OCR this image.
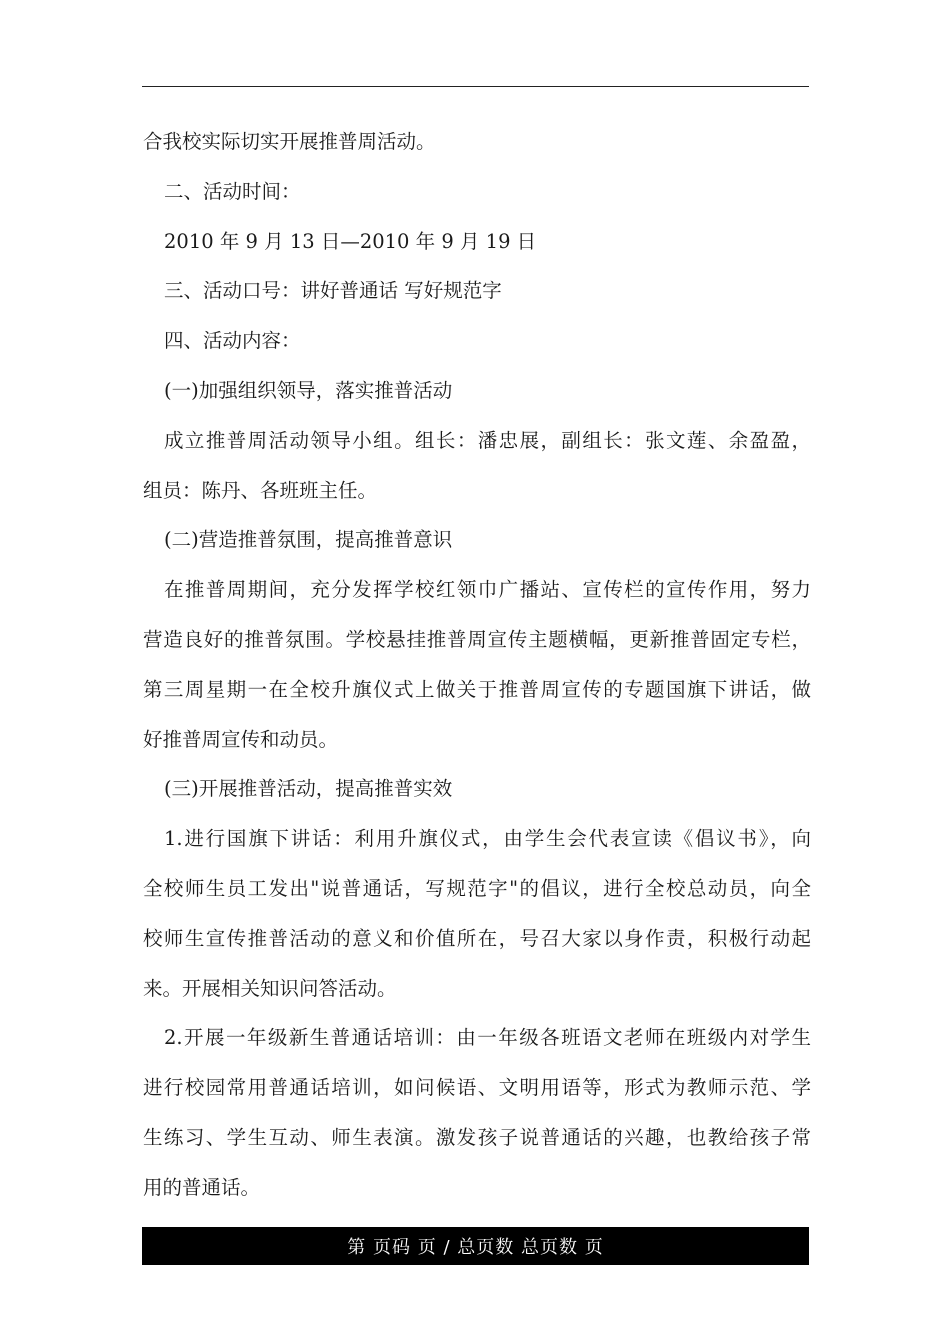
合我校实际切实开展推普周活动。
二、活动时间：
2010 年 9 月 13 日—2010 年 9 月 19 日
三、活动口号：讲好普通话 写好规范字
四、活动内容：
(一)加强组织领导，落实推普活动
成立推普周活动领导小组。组长：潘忠展，副组长：张文莲、余盈盈，
组员：陈丹、各班班主任。
(二)营造推普氛围，提高推普意识
在推普周期间，充分发挥学校红领巾广播站、宣传栏的宣传作用，努力
营造良好的推普氛围。学校悬挂推普周宣传主题横幅，更新推普固定专栏，
第三周星期一在全校升旗仪式上做关于推普周宣传的专题国旗下讲话，做
好推普周宣传和动员。
(三)开展推普活动，提高推普实效
1.进行国旗下讲话：利用升旗仪式，由学生会代表宣读《倡议书》，向
全校师生员工发出"说普通话，写规范字"的倡议，进行全校总动员，向全
校师生宣传推普活动的意义和价值所在，号召大家以身作责，积极行动起
来。开展相关知识问答活动。
2.开展一年级新生普通话培训：由一年级各班语文老师在班级内对学生
进行校园常用普通话培训，如问候语、文明用语等，形式为教师示范、学
生练习、学生互动、师生表演。激发孩子说普通话的兴趣，也教给孩子常
用的普通话。
第 页码 页 / 总页数 总页数 页
